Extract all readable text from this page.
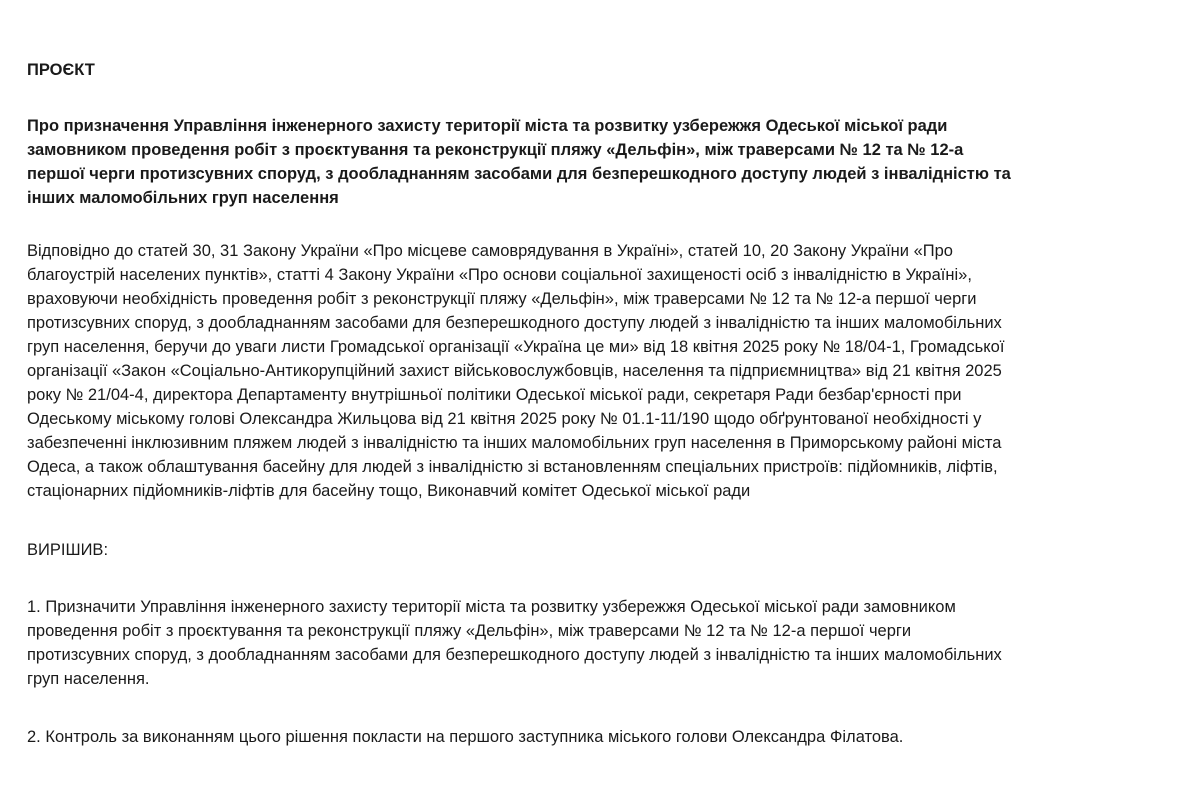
ПРОЄКТ
Про призначення Управління інженерного захисту території міста та розвитку узбережжя Одеської міської ради
замовником проведення робіт з проєктування та реконструкції пляжу «Дельфін», між траверсами № 12 та № 12-а
першої черги протизсувних споруд, з дообладнанням засобами для безперешкодного доступу людей з інвалідністю та
інших маломобільних груп населення
Відповідно до статей 30, 31 Закону України «Про місцеве самоврядування в Україні», статей 10, 20 Закону України «Про
благоустрій населених пунктів», статті 4 Закону України «Про основи соціальної захищеності осіб з інвалідністю в Україні»,
враховуючи необхідність проведення робіт з реконструкції пляжу «Дельфін», між траверсами № 12 та № 12-а першої черги
протизсувних споруд, з дообладнанням засобами для безперешкодного доступу людей з інвалідністю та інших маломобільних
груп населення, беручи до уваги листи Громадської організації «Україна це ми» від 18 квітня 2025 року № 18/04-1, Громадської
організації «Закон «Соціально-Антикорупційний захист військовослужбовців, населення та підприємництва» від 21 квітня 2025
року № 21/04-4, директора Департаменту внутрішньої політики Одеської міської ради, секретаря Ради безбар'єрності при
Одеському міському голові Олександра Жильцова від 21 квітня 2025 року № 01.1-11/190 щодо обґрунтованої необхідності у
забезпеченні інклюзивним пляжем людей з інвалідністю та інших маломобільних груп населення в Приморському районі міста
Одеса, а також облаштування басейну для людей з інвалідністю зі встановленням спеціальних пристроїв: підйомників, ліфтів,
стаціонарних підйомників-ліфтів для басейну тощо, Виконавчий комітет Одеської міської ради
ВИРІШИВ:
1. Призначити Управління інженерного захисту території міста та розвитку узбережжя Одеської міської ради замовником
проведення робіт з проєктування та реконструкції пляжу «Дельфін», між траверсами № 12 та № 12-а першої черги
протизсувних споруд, з дообладнанням засобами для безперешкодного доступу людей з інвалідністю та інших маломобільних
груп населення.
2. Контроль за виконанням цього рішення покласти на першого заступника міського голови Олександра Філатова.
